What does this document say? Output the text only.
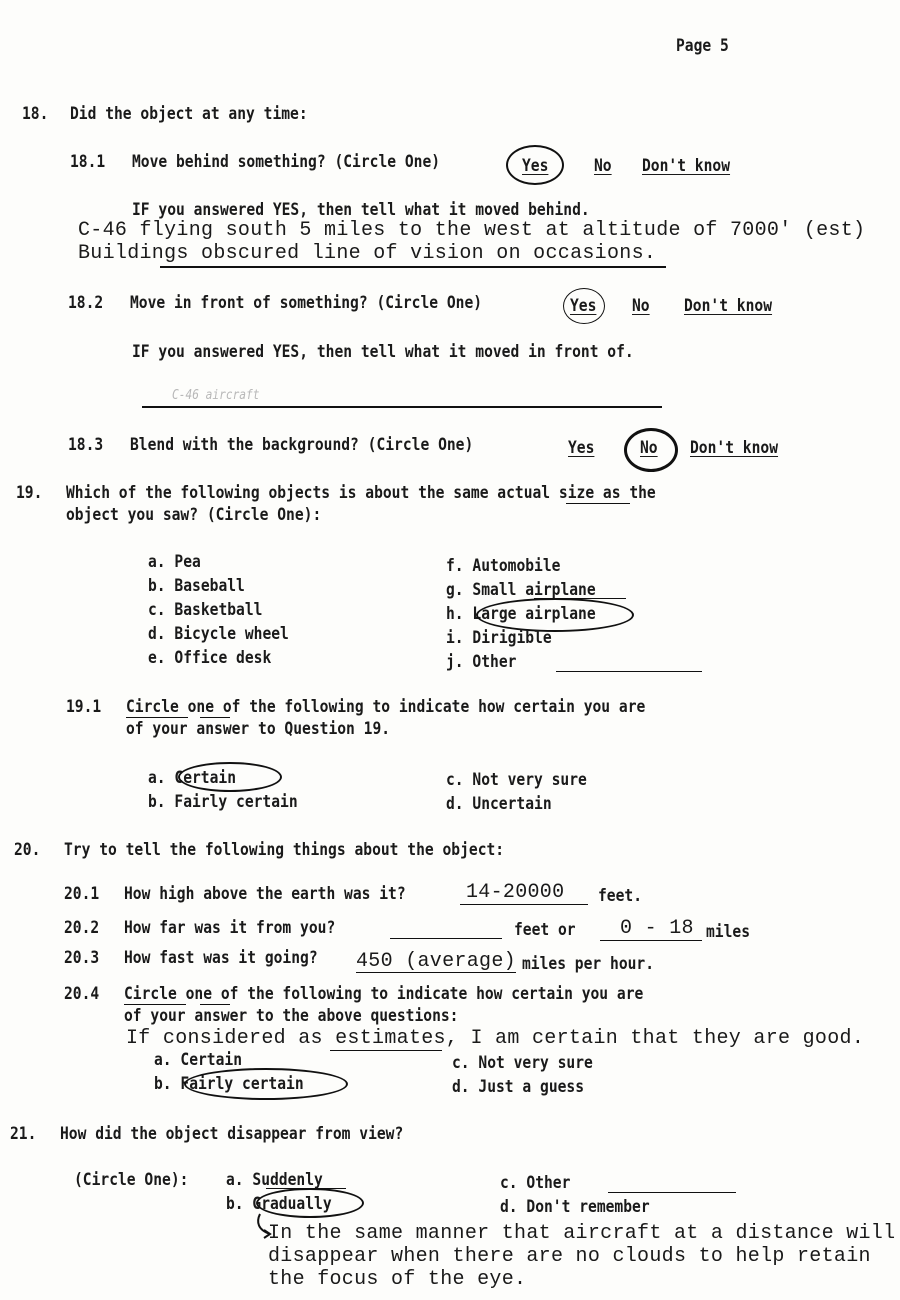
Page 5
18. Did the object at any time:
18.1 Move behind something? (Circle One)	Yes	No Don't know
IF you answered YES, then tell what it moved behind.
C-46 flying south 5 miles to the west at altitude of 7000' (est)
Buildings obscured line of vision on occasions.
18.2 Move in front of something? (Circle One)	Yes No Don't know
IF you answered YES, then tell what it moved in front of.
C-46 aircraft
18.3 Blend with the background? (Circle One)	Yes	No Don't know
19. Which of the following objects is about the same actual size as the
object you saw? (Circle One):
a. Pea
b. Baseball
c. Basketball
d. Bicycle wheel
e. Office desk
f. Automobile
g. Small airplane
h. Large airplane
i. Dirigible
j. Other
19.1 Circle one of the following to indicate how certain you are
of your answer to Question 19.
a. Certain
b. Fairly certain
c. Not very sure
d. Uncertain
20. Try to tell the following things about the object:
20.1 How high above the earth was it?	14-20000 feet.
20.2 How far was it from you?	feet or 0 - 18 miles
20.3 How fast was it going? 450 (average) miles per hour.
20.4 Circle one of the following to indicate how certain you are
of your answer to the above questions:
If considered as estimates, I am certain that they are good.
a. Certain
b. Fairly certain
c. Not very sure
d. Just a guess
21. How did the object disappear from view?
(Circle One): a. Suddenly
b. Gradually
c. Other
d. Don't remember
In the same manner that aircraft at a distance will
disappear when there are no clouds to help retain
the focus of the eye.
